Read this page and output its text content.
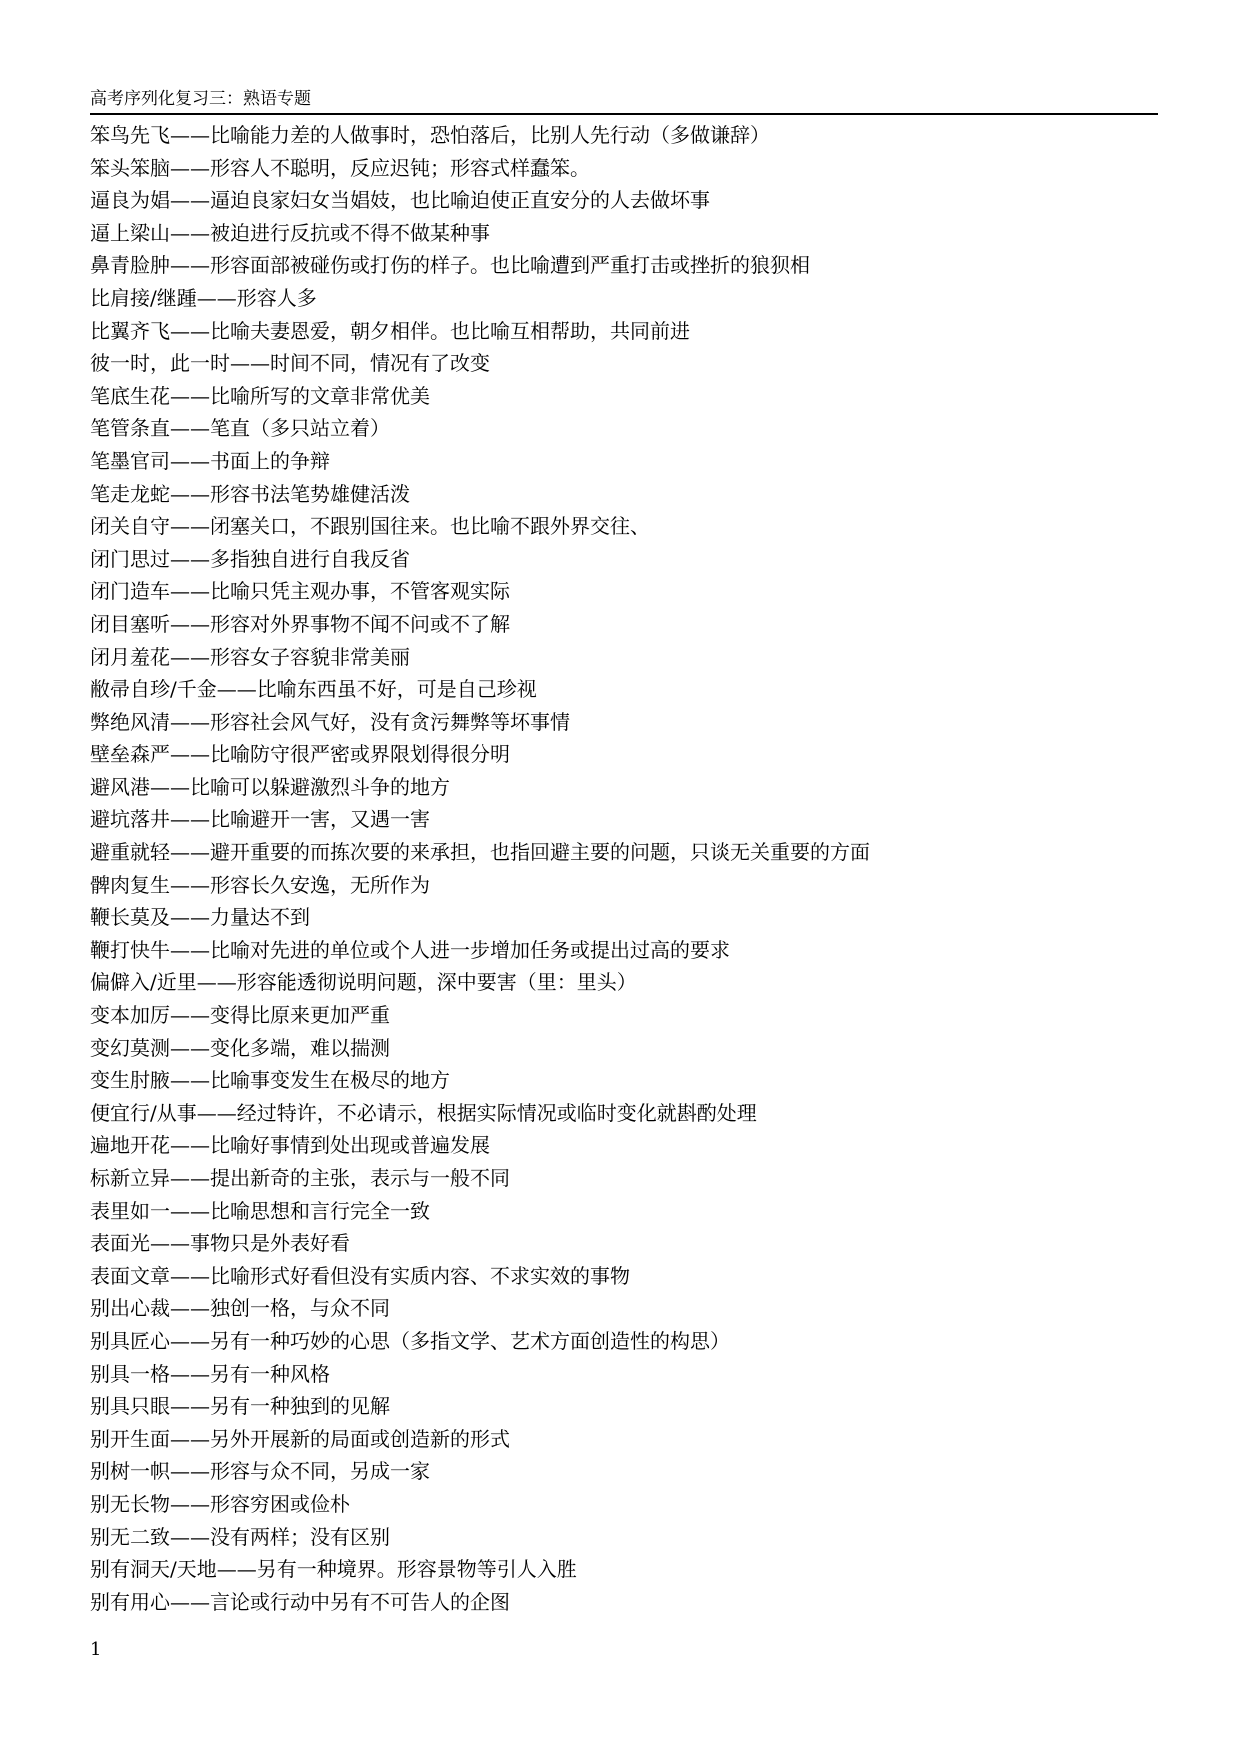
高考序列化复习三：熟语专题
笨鸟先飞——比喻能力差的人做事时，恐怕落后，比别人先行动（多做谦辞）
笨头笨脑——形容人不聪明，反应迟钝；形容式样蠢笨。
逼良为娼——逼迫良家妇女当娼妓，也比喻迫使正直安分的人去做坏事
逼上梁山——被迫进行反抗或不得不做某种事
鼻青脸肿——形容面部被碰伤或打伤的样子。也比喻遭到严重打击或挫折的狼狈相
比肩接/继踵——形容人多
比翼齐飞——比喻夫妻恩爱，朝夕相伴。也比喻互相帮助，共同前进
彼一时，此一时——时间不同，情况有了改变
笔底生花——比喻所写的文章非常优美
笔管条直——笔直（多只站立着）
笔墨官司——书面上的争辩
笔走龙蛇——形容书法笔势雄健活泼
闭关自守——闭塞关口，不跟别国往来。也比喻不跟外界交往、
闭门思过——多指独自进行自我反省
闭门造车——比喻只凭主观办事，不管客观实际
闭目塞听——形容对外界事物不闻不问或不了解
闭月羞花——形容女子容貌非常美丽
敝帚自珍/千金——比喻东西虽不好，可是自己珍视
弊绝风清——形容社会风气好，没有贪污舞弊等坏事情
壁垒森严——比喻防守很严密或界限划得很分明
避风港——比喻可以躲避激烈斗争的地方
避坑落井——比喻避开一害，又遇一害
避重就轻——避开重要的而拣次要的来承担，也指回避主要的问题，只谈无关重要的方面
髀肉复生——形容长久安逸，无所作为
鞭长莫及——力量达不到
鞭打快牛——比喻对先进的单位或个人进一步增加任务或提出过高的要求
偏僻入/近里——形容能透彻说明问题，深中要害（里：里头）
变本加厉——变得比原来更加严重
变幻莫测——变化多端，难以揣测
变生肘腋——比喻事变发生在极尽的地方
便宜行/从事——经过特许，不必请示，根据实际情况或临时变化就斟酌处理
遍地开花——比喻好事情到处出现或普遍发展
标新立异——提出新奇的主张，表示与一般不同
表里如一——比喻思想和言行完全一致
表面光——事物只是外表好看
表面文章——比喻形式好看但没有实质内容、不求实效的事物
别出心裁——独创一格，与众不同
别具匠心——另有一种巧妙的心思（多指文学、艺术方面创造性的构思）
别具一格——另有一种风格
别具只眼——另有一种独到的见解
别开生面——另外开展新的局面或创造新的形式
别树一帜——形容与众不同，另成一家
别无长物——形容穷困或俭朴
别无二致——没有两样；没有区别
别有洞天/天地——另有一种境界。形容景物等引人入胜
别有用心——言论或行动中另有不可告人的企图
1
